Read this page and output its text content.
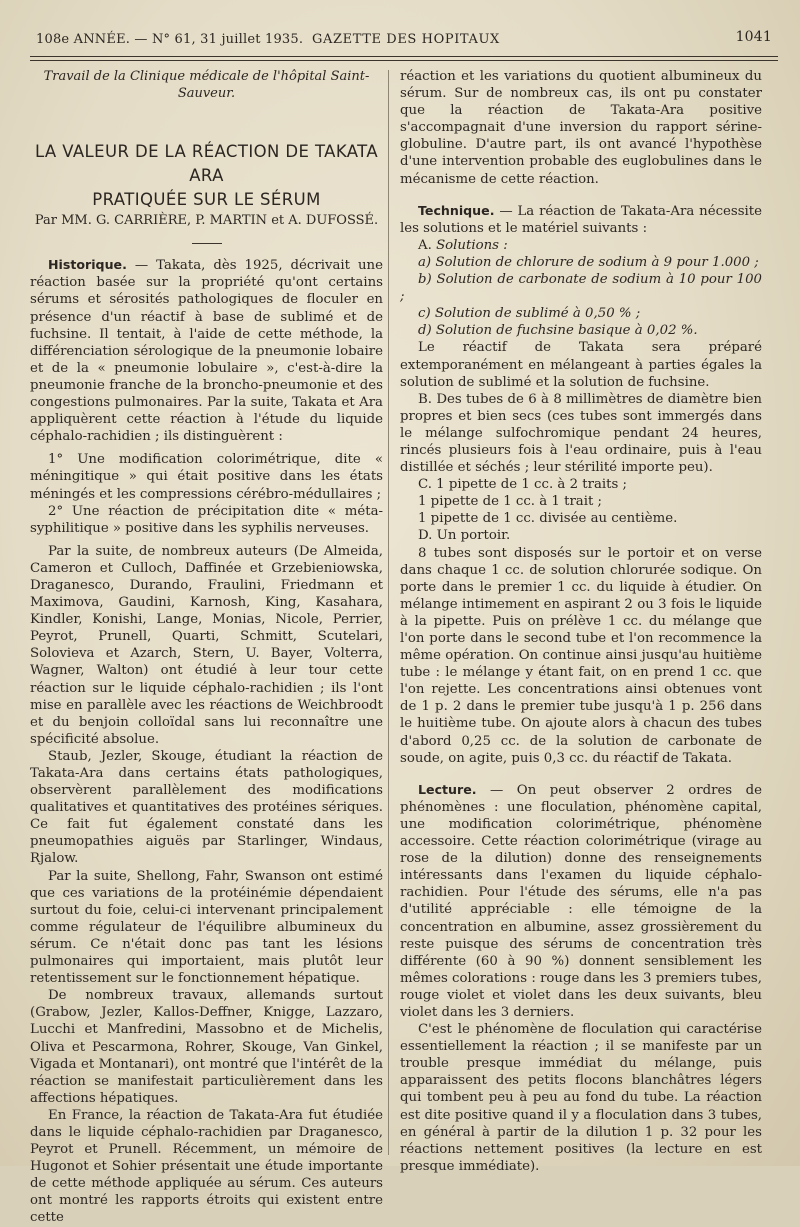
108e ANNÉE. — N° 61, 31 juillet 1935. GAZETTE DES HOPITAUX	1041

Travail de la Clinique médicale de l'hôpital Saint-Sauveur.

LA VALEUR DE LA RÉACTION DE TAKATA ARA
PRATIQUÉE SUR LE SÉRUM

Par MM. G. CARRIÈRE, P. MARTIN et A. DUFOSSÉ.

Historique. — Takata, dès 1925, décrivait une réaction basée sur la propriété qu'ont certains sérums et sérosités pathologiques de floculer en présence d'un réactif à base de sublimé et de fuchsine. Il tentait, à l'aide de cette méthode, la différenciation sérologique de la pneumonie lobaire et de la « pneumonie lobulaire », c'est-à-dire la pneumonie franche de la broncho-pneumonie et des congestions pulmonaires. Par la suite, Takata et Ara appliquèrent cette réaction à l'étude du liquide céphalo-rachidien ; ils distinguèrent :

1° Une modification colorimétrique, dite « méningitique » qui était positive dans les états méningés et les compressions cérébro-médullaires ;

2° Une réaction de précipitation dite « méta-syphilitique » positive dans les syphilis nerveuses.

Par la suite, de nombreux auteurs (De Almeida, Cameron et Culloch, Daffinée et Grzebieniowska, Draganesco, Durando, Fraulini, Friedmann et Maximova, Gaudini, Karnosh, King, Kasahara, Kindler, Konishi, Lange, Monias, Nicole, Perrier, Peyrot, Prunell, Quarti, Schmitt, Scutelari, Solovieva et Azarch, Stern, U. Bayer, Volterra, Wagner, Walton) ont étudié à leur tour cette réaction sur le liquide céphalo-rachidien ; ils l'ont mise en parallèle avec les réactions de Weichbroodt et du benjoin colloïdal sans lui reconnaître une spécificité absolue.

Staub, Jezler, Skouge, étudiant la réaction de Takata-Ara dans certains états pathologiques, observèrent parallèlement des modifications qualitatives et quantitatives des protéines sériques. Ce fait fut également constaté dans les pneumopathies aiguës par Starlinger, Windaus, Rjalow.

Par la suite, Shellong, Fahr, Swanson ont estimé que ces variations de la protéinémie dépendaient surtout du foie, celui-ci intervenant principalement comme régulateur de l'équilibre albumineux du sérum. Ce n'était donc pas tant les lésions pulmonaires qui importaient, mais plutôt leur retentissement sur le fonctionnement hépatique.

De nombreux travaux, allemands surtout (Grabow, Jezler, Kallos-Deffner, Knigge, Lazzaro, Lucchi et Manfredini, Massobno et de Michelis, Oliva et Pescarmona, Rohrer, Skouge, Van Ginkel, Vigada et Montanari), ont montré que l'intérêt de la réaction se manifestait particulièrement dans les affections hépatiques.

En France, la réaction de Takata-Ara fut étudiée dans le liquide céphalo-rachidien par Draganesco, Peyrot et Prunell. Récemment, un mémoire de Hugonot et Sohier présentait une étude importante de cette méthode appliquée au sérum. Ces auteurs ont montré les rapports étroits qui existent entre cette

réaction et les variations du quotient albumineux du sérum. Sur de nombreux cas, ils ont pu constater que la réaction de Takata-Ara positive s'accompagnait d'une inversion du rapport sérine-globuline. D'autre part, ils ont avancé l'hypothèse d'une intervention probable des euglobulines dans le mécanisme de cette réaction.

Technique. — La réaction de Takata-Ara nécessite les solutions et le matériel suivants :

A. Solutions :

a) Solution de chlorure de sodium à 9 pour 1.000 ;

b) Solution de carbonate de sodium à 10 pour 100 ;

c) Solution de sublimé à 0,50 % ;

d) Solution de fuchsine basique à 0,02 %.

Le réactif de Takata sera préparé extemporanément en mélangeant à parties égales la solution de sublimé et la solution de fuchsine.

B. Des tubes de 6 à 8 millimètres de diamètre bien propres et bien secs (ces tubes sont immergés dans le mélange sulfochromique pendant 24 heures, rincés plusieurs fois à l'eau ordinaire, puis à l'eau distillée et séchés ; leur stérilité importe peu).

C. 1 pipette de 1 cc. à 2 traits ;

1 pipette de 1 cc. à 1 trait ;

1 pipette de 1 cc. divisée au centième.

D. Un portoir.

8 tubes sont disposés sur le portoir et on verse dans chaque 1 cc. de solution chlorurée sodique. On porte dans le premier 1 cc. du liquide à étudier. On mélange intimement en aspirant 2 ou 3 fois le liquide à la pipette. Puis on prélève 1 cc. du mélange que l'on porte dans le second tube et l'on recommence la même opération. On continue ainsi jusqu'au huitième tube : le mélange y étant fait, on en prend 1 cc. que l'on rejette. Les concentrations ainsi obtenues vont de 1 p. 2 dans le premier tube jusqu'à 1 p. 256 dans le huitième tube. On ajoute alors à chacun des tubes d'abord 0,25 cc. de la solution de carbonate de soude, on agite, puis 0,3 cc. du réactif de Takata.

Lecture. — On peut observer 2 ordres de phénomènes : une floculation, phénomène capital, une modification colorimétrique, phénomène accessoire. Cette réaction colorimétrique (virage au rose de la dilution) donne des renseignements intéressants dans l'examen du liquide céphalo-rachidien. Pour l'étude des sérums, elle n'a pas d'utilité appréciable : elle témoigne de la concentration en albumine, assez grossièrement du reste puisque des sérums de concentration très différente (60 à 90 %) donnent sensiblement les mêmes colorations : rouge dans les 3 premiers tubes, rouge violet et violet dans les deux suivants, bleu violet dans les 3 derniers.

C'est le phénomène de floculation qui caractérise essentiellement la réaction ; il se manifeste par un trouble presque immédiat du mélange, puis apparaissent des petits flocons blanchâtres légers qui tombent peu à peu au fond du tube. La réaction est dite positive quand il y a floculation dans 3 tubes, en général à partir de la dilution 1 p. 32 pour les réactions nettement positives (la lecture en est presque immédiate).
